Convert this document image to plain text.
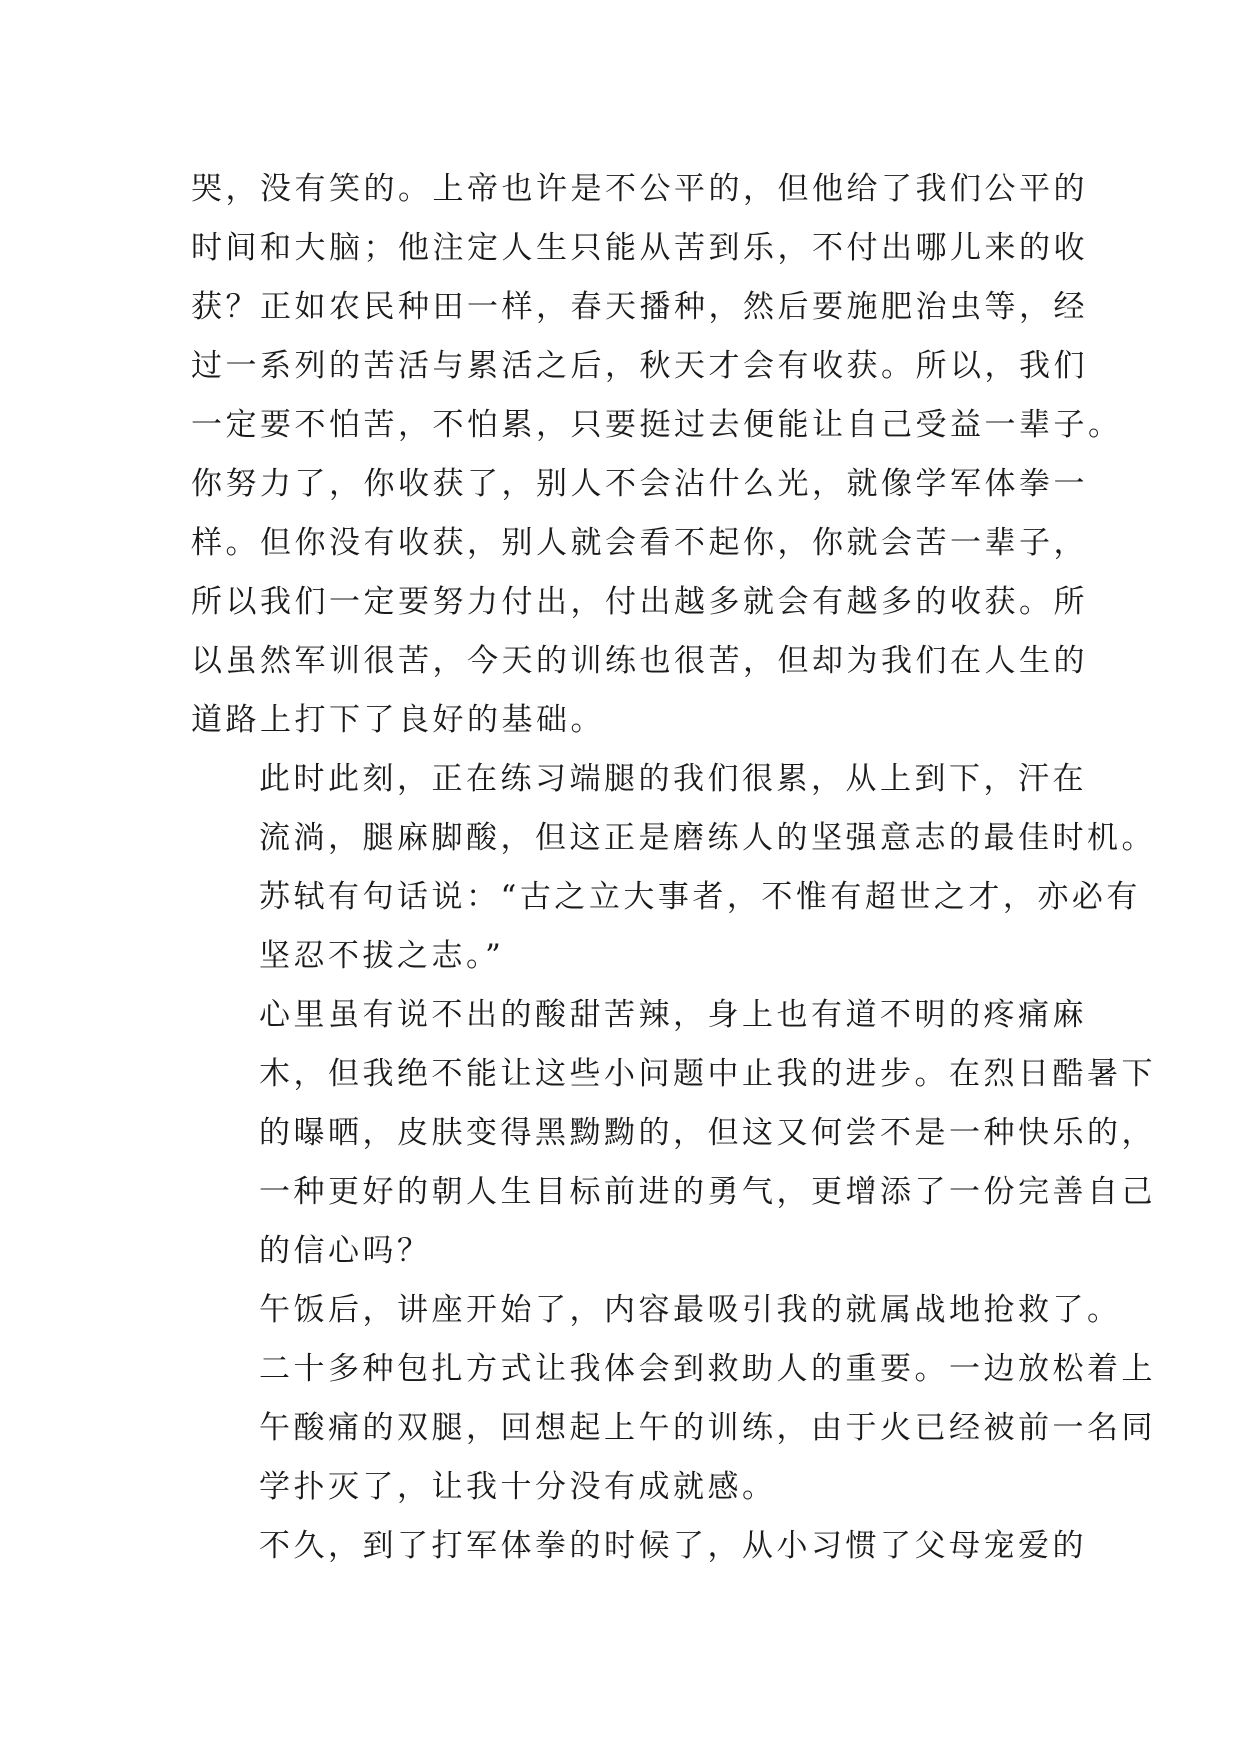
哭，没有笑的。上帝也许是不公平的，但他给了我们公平的
时间和大脑；他注定人生只能从苦到乐，不付出哪儿来的收
获？正如农民种田一样，春天播种，然后要施肥治虫等，经
过一系列的苦活与累活之后，秋天才会有收获。所以，我们
一定要不怕苦，不怕累，只要挺过去便能让自己受益一辈子。
你努力了，你收获了，别人不会沾什么光，就像学军体拳一
样。但你没有收获，别人就会看不起你，你就会苦一辈子，
所以我们一定要努力付出，付出越多就会有越多的收获。所
以虽然军训很苦，今天的训练也很苦，但却为我们在人生的
道路上打下了良好的基础。
此时此刻，正在练习端腿的我们很累，从上到下，汗在
流淌，腿麻脚酸，但这正是磨练人的坚强意志的最佳时机。
苏轼有句话说：“古之立大事者，不惟有超世之才，亦必有
坚忍不拔之志。”
心里虽有说不出的酸甜苦辣，身上也有道不明的疼痛麻
木，但我绝不能让这些小问题中止我的进步。在烈日酷暑下
的曝晒，皮肤变得黑黝黝的，但这又何尝不是一种快乐的，
一种更好的朝人生目标前进的勇气，更增添了一份完善自己
的信心吗？
午饭后，讲座开始了，内容最吸引我的就属战地抢救了。
二十多种包扎方式让我体会到救助人的重要。一边放松着上
午酸痛的双腿，回想起上午的训练，由于火已经被前一名同
学扑灭了，让我十分没有成就感。
不久，到了打军体拳的时候了，从小习惯了父母宠爱的
